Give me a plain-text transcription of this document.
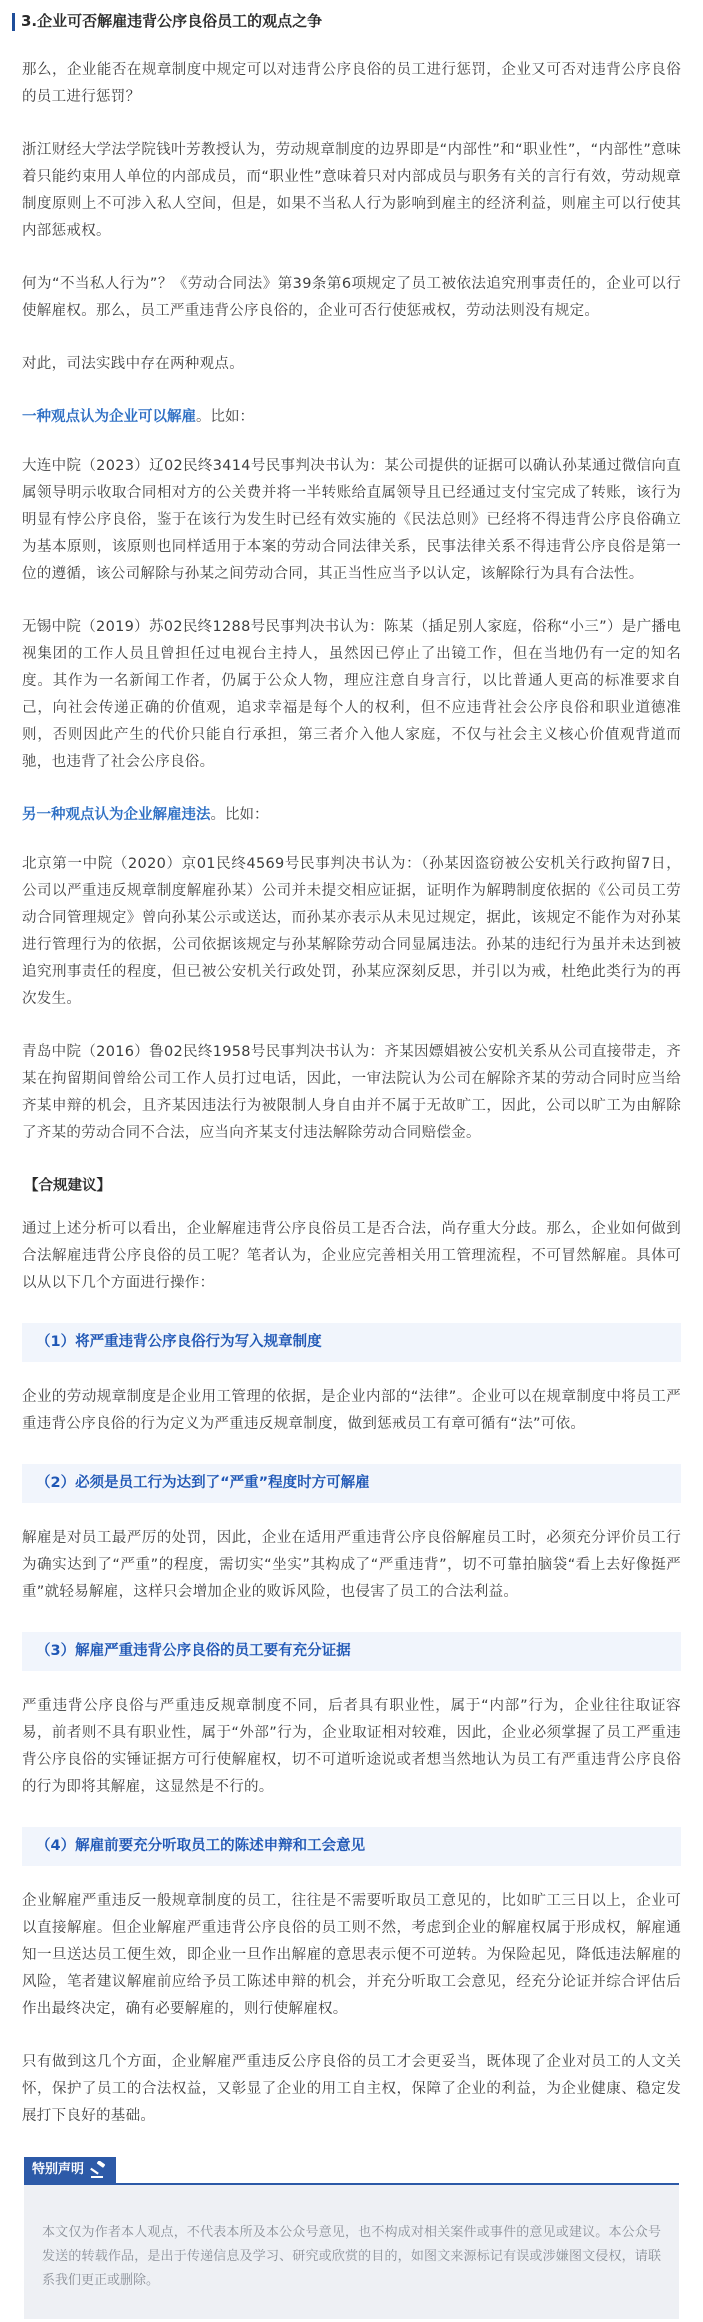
3.企业可否解雇违背公序良俗员工的观点之争

那么，企业能否在规章制度中规定可以对违背公序良俗的员工进行惩罚，企业又可否对违背公序良俗的员工进行惩罚？

浙江财经大学法学院钱叶芳教授认为，劳动规章制度的边界即是“内部性”和“职业性”，“内部性”意味着只能约束用人单位的内部成员，而“职业性”意味着只对内部成员与职务有关的言行有效，劳动规章制度原则上不可涉入私人空间，但是，如果不当私人行为影响到雇主的经济利益，则雇主可以行使其内部惩戒权。

何为“不当私人行为”？《劳动合同法》第39条第6项规定了员工被依法追究刑事责任的，企业可以行使解雇权。那么，员工严重违背公序良俗的，企业可否行使惩戒权，劳动法则没有规定。

对此，司法实践中存在两种观点。

一种观点认为企业可以解雇。比如：

大连中院（2023）辽02民终3414号民事判决书认为：某公司提供的证据可以确认孙某通过微信向直属领导明示收取合同相对方的公关费并将一半转账给直属领导且已经通过支付宝完成了转账，该行为明显有悖公序良俗，鉴于在该行为发生时已经有效实施的《民法总则》已经将不得违背公序良俗确立为基本原则，该原则也同样适用于本案的劳动合同法律关系，民事法律关系不得违背公序良俗是第一位的遵循，该公司解除与孙某之间劳动合同，其正当性应当予以认定，该解除行为具有合法性。

无锡中院（2019）苏02民终1288号民事判决书认为：陈某（插足别人家庭，俗称“小三”）是广播电视集团的工作人员且曾担任过电视台主持人，虽然因已停止了出镜工作，但在当地仍有一定的知名度。其作为一名新闻工作者，仍属于公众人物，理应注意自身言行，以比普通人更高的标准要求自己，向社会传递正确的价值观，追求幸福是每个人的权利，但不应违背社会公序良俗和职业道德准则，否则因此产生的代价只能自行承担，第三者介入他人家庭，不仅与社会主义核心价值观背道而驰，也违背了社会公序良俗。

另一种观点认为企业解雇违法。比如：

北京第一中院（2020）京01民终4569号民事判决书认为：（孙某因盗窃被公安机关行政拘留7日，公司以严重违反规章制度解雇孙某）公司并未提交相应证据，证明作为解聘制度依据的《公司员工劳动合同管理规定》曾向孙某公示或送达，而孙某亦表示从未见过规定，据此，该规定不能作为对孙某进行管理行为的依据，公司依据该规定与孙某解除劳动合同显属违法。孙某的违纪行为虽并未达到被追究刑事责任的程度，但已被公安机关行政处罚，孙某应深刻反思，并引以为戒，杜绝此类行为的再次发生。

青岛中院（2016）鲁02民终1958号民事判决书认为：齐某因嫖娼被公安机关系从公司直接带走，齐某在拘留期间曾给公司工作人员打过电话，因此，一审法院认为公司在解除齐某的劳动合同时应当给齐某申辩的机会，且齐某因违法行为被限制人身自由并不属于无故旷工，因此，公司以旷工为由解除了齐某的劳动合同不合法，应当向齐某支付违法解除劳动合同赔偿金。

【合规建议】

通过上述分析可以看出，企业解雇违背公序良俗员工是否合法，尚存重大分歧。那么，企业如何做到合法解雇违背公序良俗的员工呢？笔者认为，企业应完善相关用工管理流程，不可冒然解雇。具体可以从以下几个方面进行操作：

（1）将严重违背公序良俗行为写入规章制度

企业的劳动规章制度是企业用工管理的依据，是企业内部的“法律”。企业可以在规章制度中将员工严重违背公序良俗的行为定义为严重违反规章制度，做到惩戒员工有章可循有“法”可依。

（2）必须是员工行为达到了“严重”程度时方可解雇

解雇是对员工最严厉的处罚，因此，企业在适用严重违背公序良俗解雇员工时，必须充分评价员工行为确实达到了“严重”的程度，需切实“坐实”其构成了“严重违背”，切不可靠拍脑袋“看上去好像挺严重”就轻易解雇，这样只会增加企业的败诉风险，也侵害了员工的合法利益。

（3）解雇严重违背公序良俗的员工要有充分证据

严重违背公序良俗与严重违反规章制度不同，后者具有职业性，属于“内部”行为，企业往往取证容易，前者则不具有职业性，属于“外部”行为，企业取证相对较难，因此，企业必须掌握了员工严重违背公序良俗的实锤证据方可行使解雇权，切不可道听途说或者想当然地认为员工有严重违背公序良俗的行为即将其解雇，这显然是不行的。

（4）解雇前要充分听取员工的陈述申辩和工会意见

企业解雇严重违反一般规章制度的员工，往往是不需要听取员工意见的，比如旷工三日以上，企业可以直接解雇。但企业解雇严重违背公序良俗的员工则不然，考虑到企业的解雇权属于形成权，解雇通知一旦送达员工便生效，即企业一旦作出解雇的意思表示便不可逆转。为保险起见，降低违法解雇的风险，笔者建议解雇前应给予员工陈述申辩的机会，并充分听取工会意见，经充分论证并综合评估后作出最终决定，确有必要解雇的，则行使解雇权。

只有做到这几个方面，企业解雇严重违反公序良俗的员工才会更妥当，既体现了企业对员工的人文关怀，保护了员工的合法权益，又彰显了企业的用工自主权，保障了企业的利益，为企业健康、稳定发展打下良好的基础。

特别声明
本文仅为作者本人观点，不代表本所及本公众号意见，也不构成对相关案件或事件的意见或建议。本公众号发送的转载作品，是出于传递信息及学习、研究或欣赏的目的，如图文来源标记有误或涉嫌图文侵权，请联系我们更正或删除。
